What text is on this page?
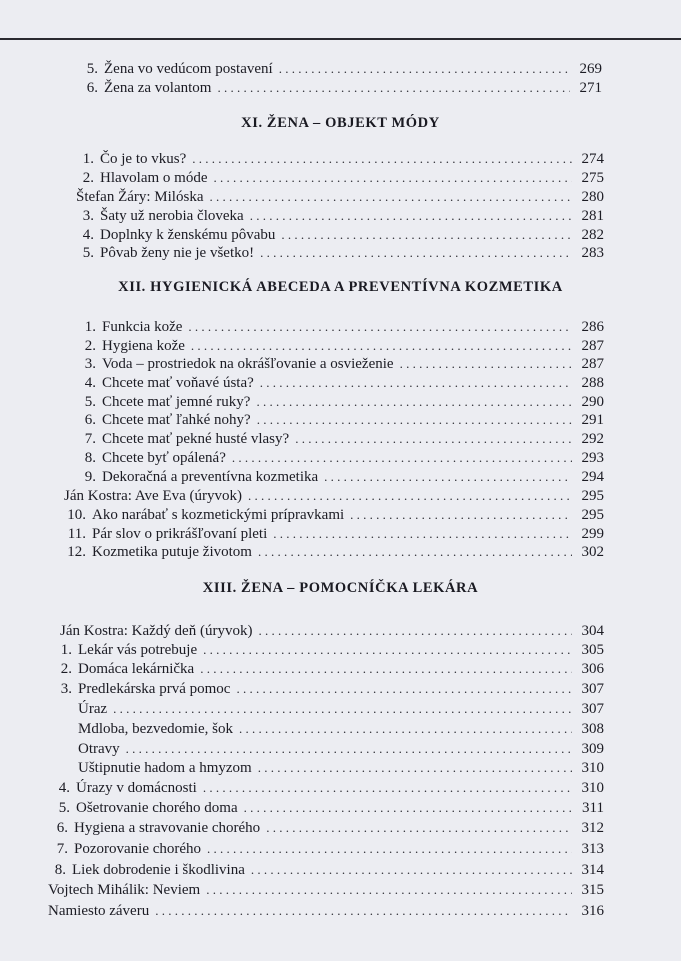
5. Žena vo vedúcom postavení . . .	269
6. Žena za volantom . . .	271
XI. ŽENA – OBJEKT MÓDY
1. Čo je to vkus? . . .	274
2. Hlavolam o móde . . .	275
Štefan Žáry: Milóska . . .	280
3. Šaty už nerobia človeka . . .	281
4. Doplnky k ženskému pôvabu . . .	282
5. Pôvab ženy nie je všetko! . . .	283
XII. HYGIENICKÁ ABECEDA A PREVENTÍVNA KOZMETIKA
1. Funkcia kože . . .	286
2. Hygiena kože . . .	287
3. Voda – prostriedok na okrášľovanie a osvieženie . . .	287
4. Chcete mať voňavé ústa? . . .	288
5. Chcete mať jemné ruky? . . .	290
6. Chcete mať ľahké nohy? . . .	291
7. Chcete mať pekné husté vlasy? . . .	292
8. Chcete byť opálená? . . .	293
9. Dekoračná a preventívna kozmetika . . .	294
Ján Kostra: Ave Eva (úryvok) . . .	295
10. Ako narábať s kozmetickými prípravkami . . .	295
11. Pár slov o prikrášľovaní pleti . . .	299
12. Kozmetika putuje životom . . .	302
XIII. ŽENA – POMOCNÍČKA LEKÁRA
Ján Kostra: Každý deň (úryvok) . . .	304
1. Lekár vás potrebuje . . .	305
2. Domáca lekárnička . . .	306
3. Predlekárska prvá pomoc . . .	307
Úraz . . .	307
Mdloba, bezvedomie, šok . . .	308
Otravy . . .	309
Uštipnutie hadom a hmyzom . . .	310
4. Úrazy v domácnosti . . .	310
5. Ošetrovanie chorého doma . . .	311
6. Hygiena a stravovanie chorého . . .	312
7. Pozorovanie chorého . . .	313
8. Liek dobrodenie i škodlivina . . .	314
Vojtech Mihálik: Neviem . . .	315
Namiesto záveru . . .	316
